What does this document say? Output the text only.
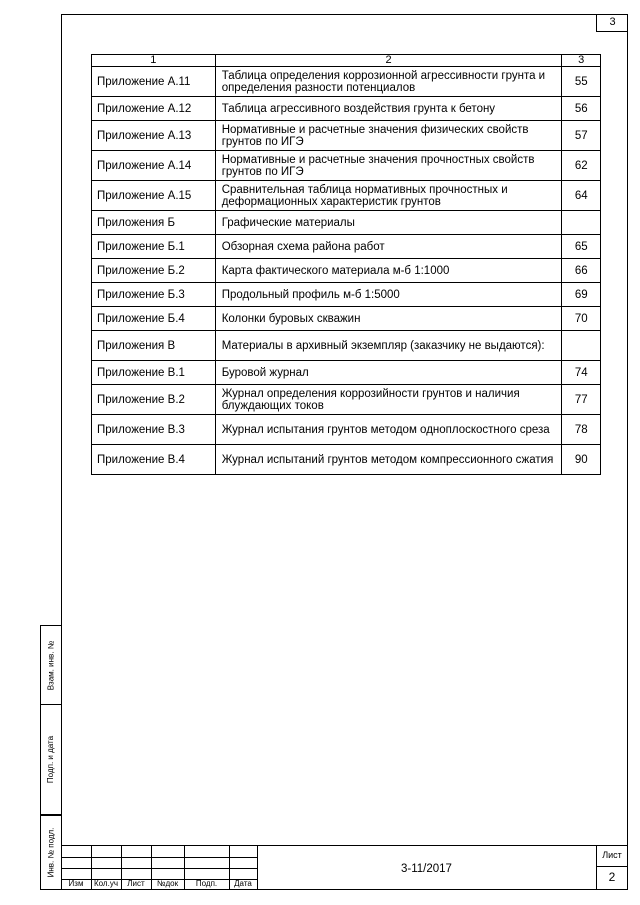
3
1	2	3
Приложение А.11	Таблица определения коррозионной агрессивности грунта и определения разности потенциалов	55
Приложение А.12	Таблица агрессивного воздействия грунта к бетону	56
Приложение А.13	Нормативные и расчетные значения физических свойств грунтов по ИГЭ	57
Приложение А.14	Нормативные и расчетные значения прочностных свойств грунтов по ИГЭ	62
Приложение А.15	Сравнительная таблица нормативных прочностных и деформационных характеристик грунтов	64
Приложения Б	Графические материалы	
Приложение Б.1	Обзорная схема района работ	65
Приложение Б.2	Карта фактического материала м-б 1:1000	66
Приложение Б.3	Продольный профиль м-б 1:5000	69
Приложение Б.4	Колонки буровых скважин	70
Приложения В	Материалы в архивный экземпляр (заказчику не выдаются):	
Приложение В.1	Буровой журнал	74
Приложение В.2	Журнал определения коррозийности грунтов и наличия блуждающих токов	77
Приложение В.3	Журнал испытания грунтов методом одноплоскостного среза	78
Приложение В.4	Журнал испытаний грунтов методом компрессионного сжатия	90
Взам. инв. №
Подп. и дата
Инв. № подл.
Изм	Кол.уч	Лист	№док	Подп.	Дата
3-11/2017
Лист
2
